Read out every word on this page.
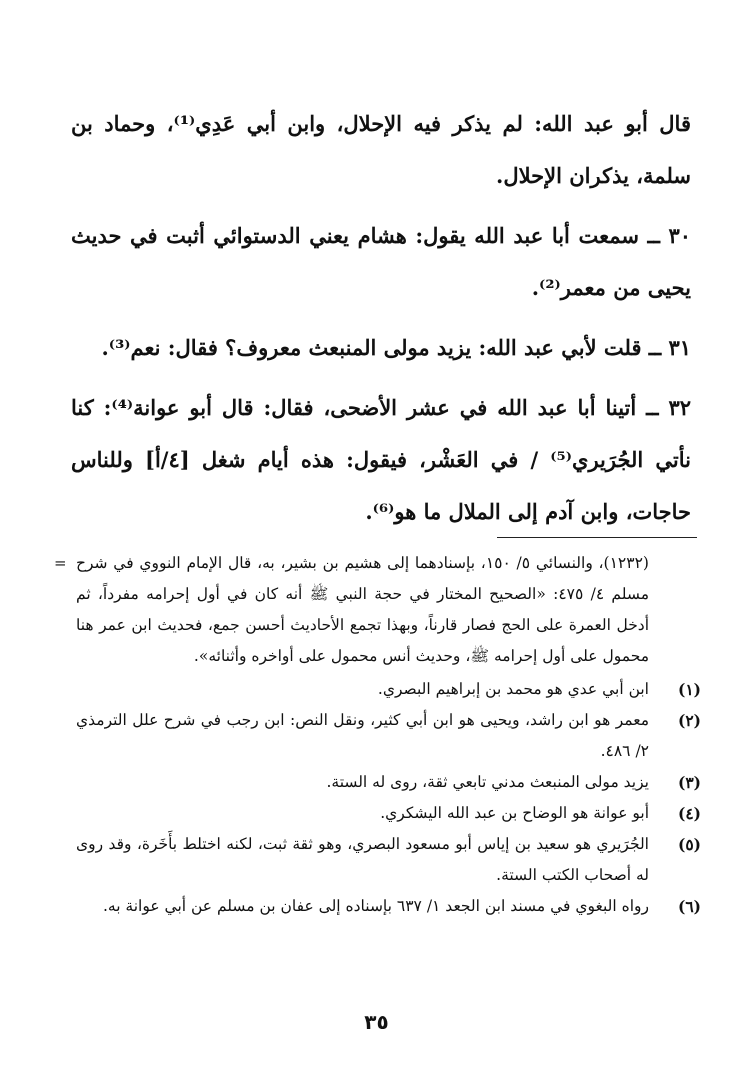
قال أبو عبد الله: لم يذكر فيه الإحلال، وابن أبي عَدِي⁽¹⁾، وحماد بن سلمة، يذكران الإحلال.

٣٠ ــ سمعت أبا عبد الله يقول: هشام يعني الدستوائي أثبت في حديث يحيى من معمر⁽²⁾.

٣١ ــ قلت لأبي عبد الله: يزيد مولى المنبعث معروف؟ فقال: نعم⁽³⁾.

٣٢ ــ أتينا أبا عبد الله في عشر الأضحى، فقال: قال أبو عوانة⁽⁴⁾: كنا نأتي الجُرَيري⁽⁵⁾ / في العَشْر، فيقول: هذه أيام شغل [٤/أ] وللناس حاجات، وابن آدم إلى الملال ما هو⁽⁶⁾.

= (١٢٣٢)، والنسائي ٥/ ١٥٠، بإسنادهما إلى هشيم بن بشير، به، قال الإمام النووي في شرح مسلم ٤/ ٤٧٥: «الصحيح المختار في حجة النبي ﷺ أنه كان في أول إحرامه مفرداً، ثم أدخل العمرة على الحج فصار قارناً، وبهذا تجمع الأحاديث أحسن جمع، فحديث ابن عمر هنا محمول على أول إحرامه ﷺ، وحديث أنس محمول على أواخره وأثنائه».
(١)
ابن أبي عدي هو محمد بن إبراهيم البصري.
(٢)
معمر هو ابن راشد، ويحيى هو ابن أبي كثير، ونقل النص: ابن رجب في شرح علل الترمذي ٢/ ٤٨٦.
(٣)
يزيد مولى المنبعث مدني تابعي ثقة، روى له الستة.
(٤)
أبو عوانة هو الوضاح بن عبد الله اليشكري.
(٥)
الجُرَيري هو سعيد بن إياس أبو مسعود البصري، وهو ثقة ثبت، لكنه اختلط بأَخَرة، وقد روى له أصحاب الكتب الستة.
(٦)
رواه البغوي في مسند ابن الجعد ١/ ٦٣٧ بإسناده إلى عفان بن مسلم عن أبي عوانة به.
٣٥
